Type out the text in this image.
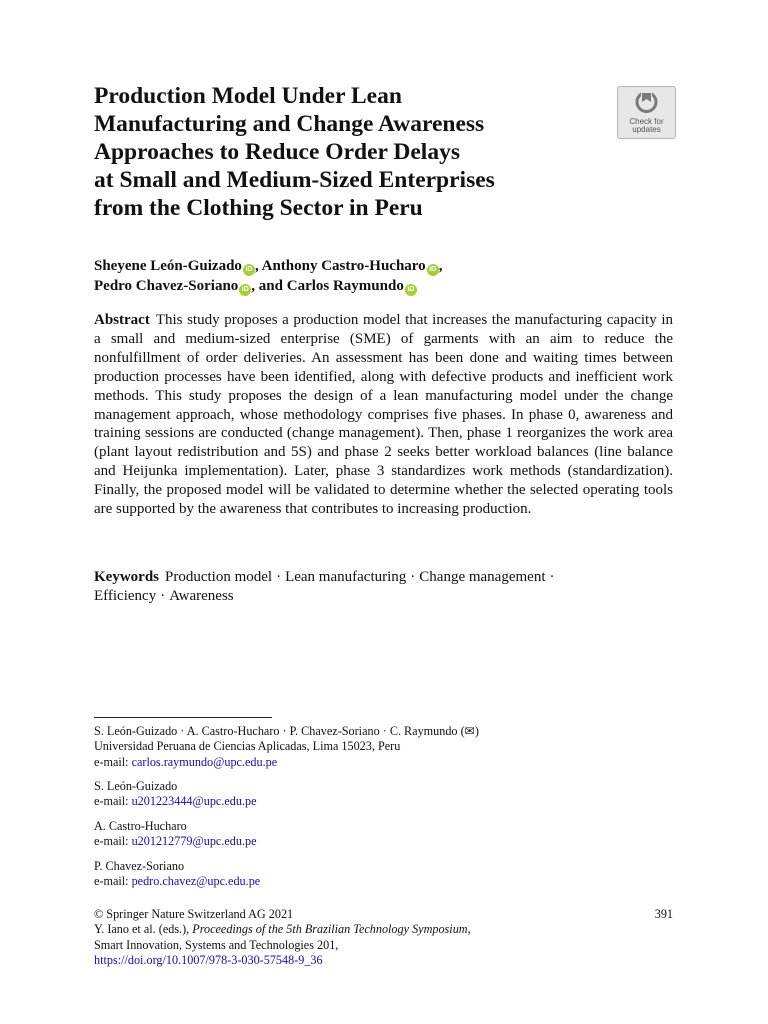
Production Model Under Lean
Manufacturing and Change Awareness
Approaches to Reduce Order Delays
at Small and Medium-Sized Enterprises
from the Clothing Sector in Peru
Check for
updates
Sheyene León-Guizado iD , Anthony Castro-Hucharo iD ,
Pedro Chavez-Soriano iD , and Carlos Raymundo iD
Abstract This study proposes a production model that increases the manufacturing capacity in a small and medium-sized enterprise (SME) of garments with an aim to reduce the nonfulfillment of order deliveries. An assessment has been done and waiting times between production processes have been identified, along with defective products and inefficient work methods. This study proposes the design of a lean manufacturing model under the change management approach, whose methodology comprises five phases. In phase 0, awareness and training sessions are conducted (change management). Then, phase 1 reorganizes the work area (plant layout redistribution and 5S) and phase 2 seeks better workload balances (line balance and Heijunka implementation). Later, phase 3 standardizes work methods (standardization). Finally, the proposed model will be validated to determine whether the selected operating tools are supported by the awareness that contributes to increasing production.
Keywords Production model · Lean manufacturing · Change management ·
Efficiency · Awareness
S. León-Guizado · A. Castro-Hucharo · P. Chavez-Soriano · C. Raymundo (✉)
Universidad Peruana de Ciencias Aplicadas, Lima 15023, Peru
e-mail: carlos.raymundo@upc.edu.pe
S. León-Guizado
e-mail: u201223444@upc.edu.pe
A. Castro-Hucharo
e-mail: u201212779@upc.edu.pe
P. Chavez-Soriano
e-mail: pedro.chavez@upc.edu.pe
© Springer Nature Switzerland AG 2021	391
Y. Iano et al. (eds.), Proceedings of the 5th Brazilian Technology Symposium,
Smart Innovation, Systems and Technologies 201,
https://doi.org/10.1007/978-3-030-57548-9_36
